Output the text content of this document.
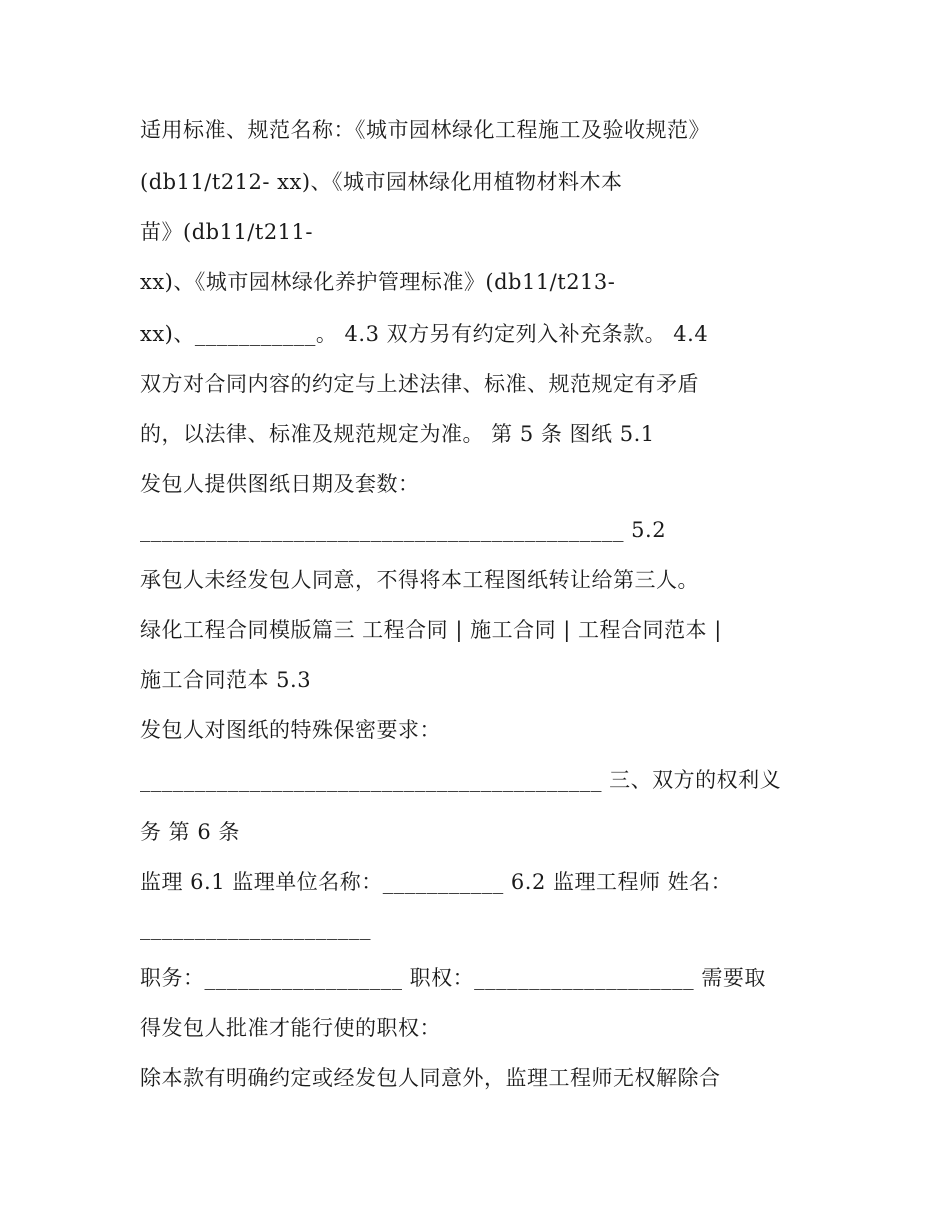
适用标准、规范名称：《城市园林绿化工程施工及验收规范》
(db11/t212- xx)、《城市园林绿化用植物材料木本
苗》(db11/t211-
xx)、《城市园林绿化养护管理标准》(db11/t213-
xx)、___________。 4.3 双方另有约定列入补充条款。 4.4
双方对合同内容的约定与上述法律、标准、规范规定有矛盾
的，以法律、标准及规范规定为准。 第 5 条 图纸 5.1
发包人提供图纸日期及套数：
____________________________________________ 5.2
承包人未经发包人同意，不得将本工程图纸转让给第三人。
绿化工程合同模版篇三 工程合同 | 施工合同 | 工程合同范本 |
施工合同范本 5.3
发包人对图纸的特殊保密要求：
__________________________________________ 三、双方的权利义
务 第 6 条
监理 6.1 监理单位名称：___________ 6.2 监理工程师 姓名：
_____________________
职务：__________________ 职权：____________________ 需要取
得发包人批准才能行使的职权：
除本款有明确约定或经发包人同意外，监理工程师无权解除合
